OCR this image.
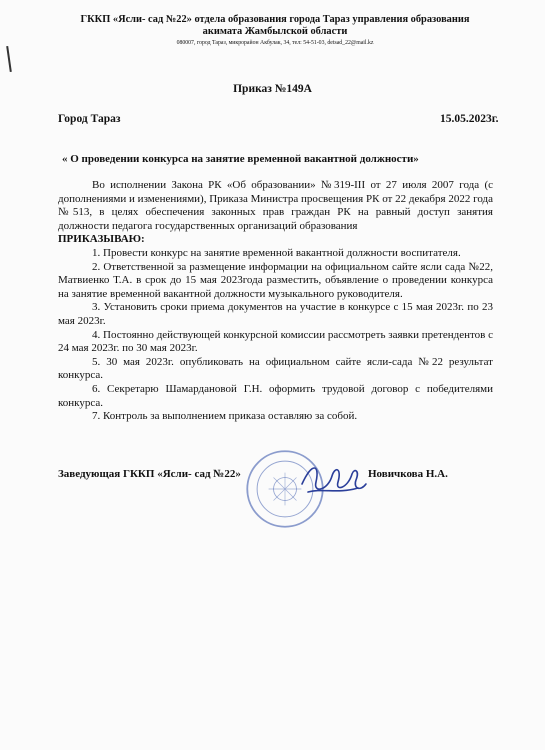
ГККП «Ясли- сад №22» отдела образования города Тараз управления образования
акимата Жамбылской области
080007, город Тараз, микрорайон Акбулак, 34, тел: 54-51-03, detsad_22@mail.kz
Приказ №149А
Город Тараз	15.05.2023г.
« О проведении конкурса на занятие временной вакантной должности»

Во исполнении Закона РК «Об образовании» №319-III от 27 июля 2007 года (с дополнениями и изменениями), Приказа Министра просвещения РК от 22 декабря 2022 года №513, в целях обеспечения законных прав граждан РК на равный доступ занятия должности педагога государственных организаций образования

ПРИКАЗЫВАЮ:

1. Провести конкурс на занятие временной вакантной должности воспитателя.

2. Ответственной за размещение информации на официальном сайте ясли сада №22, Матвиенко Т.А. в срок до 15 мая 2023года разместить, объявление о проведении конкурса на занятие временной вакантной должности музыкального руководителя.

3. Установить сроки приема документов на участие в конкурсе с 15 мая 2023г. по 23 мая 2023г.

4. Постоянно действующей конкурсной комиссии рассмотреть заявки претендентов с 24 мая 2023г. по 30 мая 2023г.

5. 30 мая 2023г. опубликовать на официальном сайте ясли-сада №22 результат конкурса.

6. Секретарю Шамардановой Г.Н. оформить трудовой договор с победителями конкурса.

7. Контроль за выполнением приказа оставляю за собой.

Заведующая ГККП «Ясли- сад №22»	Новичкова Н.А.
